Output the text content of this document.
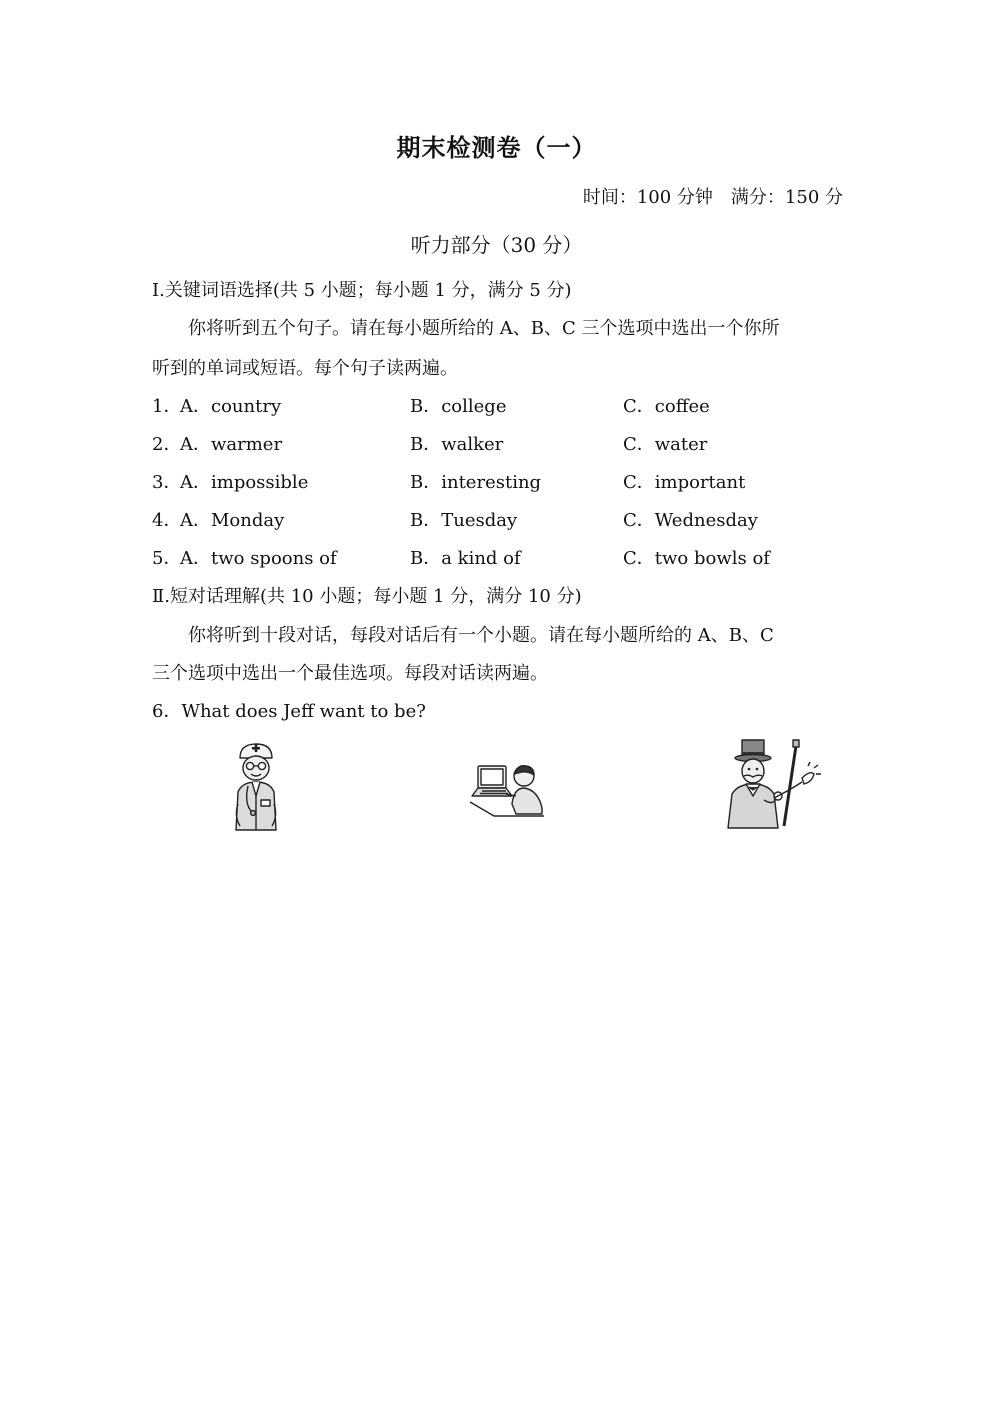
期末检测卷（一）
时间：100 分钟　满分：150 分
听力部分（30 分）
Ⅰ.关键词语选择(共 5 小题；每小题 1 分，满分 5 分)
你将听到五个句子。请在每小题所给的 A、B、C 三个选项中选出一个你所
听到的单词或短语。每个句子读两遍。
1．
A．country	B．college	C．coffee
2．
A．warmer	B．walker	C．water
3．
A．impossible	B．interesting	C．important
4．
A．Monday	B．Tuesday	C．Wednesday
5．
A．two spoons of	B．a kind of	C．two bowls of
Ⅱ.短对话理解(共 10 小题；每小题 1 分，满分 10 分)
你将听到十段对话，每段对话后有一个小题。请在每小题所给的 A、B、C
三个选项中选出一个最佳选项。每段对话读两遍。
6．What does Jeff want to be?
